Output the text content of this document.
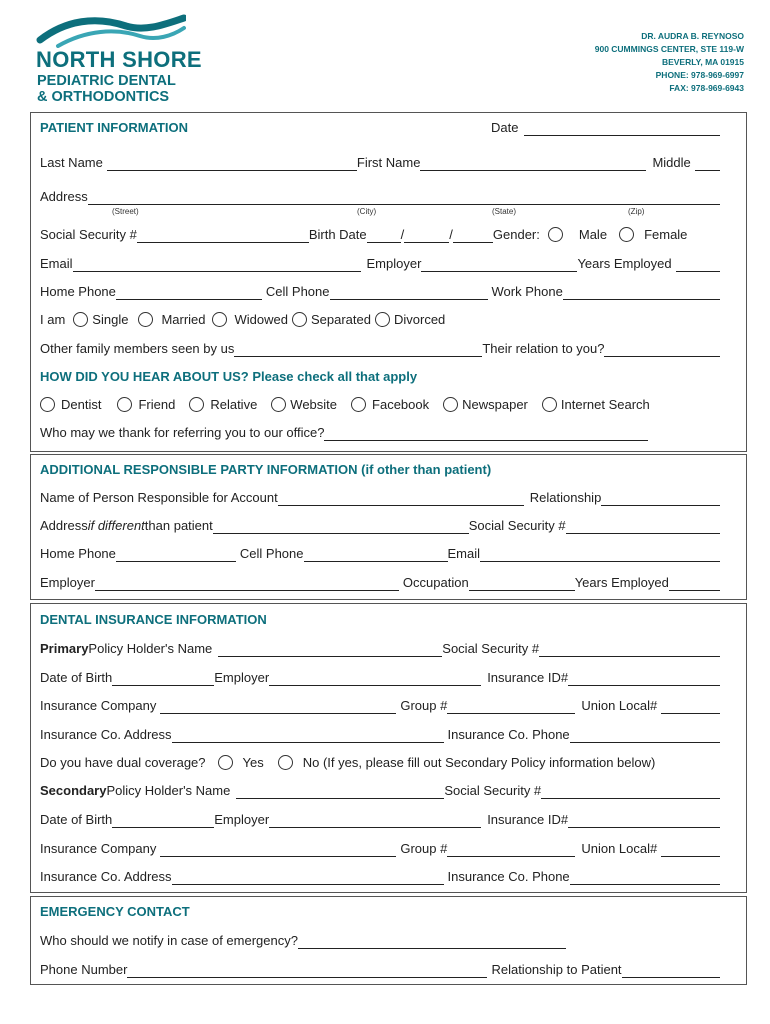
NORTH SHORE
PEDIATRIC DENTAL
& ORTHODONTICS
DR. AUDRA B. REYNOSO
900 CUMMINGS CENTER, STE 119-W
BEVERLY, MA 01915
PHONE: 978-969-6997
FAX: 978-969-6943
PATIENT INFORMATION	Date
Last Name	First Name	Middle
Address
(Street)	(City)	(State)	(Zip)
Social Security #	Birth Date	/	/	Gender:	Male	Female
Email	Employer	Years Employed
Home Phone	Cell Phone	Work Phone
I am Single	Married Widowed Separated Divorced
Other family members seen by us	Their relation to you?
HOW DID YOU HEAR ABOUT US? Please check all that apply
Dentist	Friend	Relative	Website	Facebook	Newspaper	Internet Search
Who may we thank for referring you to our office?
ADDITIONAL RESPONSIBLE PARTY INFORMATION (if other than patient)
Name of Person Responsible for Account	Relationship
Address if different than patient	Social Security #
Home Phone	Cell Phone	Email
Employer	Occupation	Years Employed
DENTAL INSURANCE INFORMATION
Primary Policy Holder's Name	Social Security #
Date of Birth	Employer	Insurance ID#
Insurance Company	Group #	Union Local#
Insurance Co. Address	Insurance Co. Phone
Do you have dual coverage?	Yes	No (If yes, please fill out Secondary Policy information below)
Secondary Policy Holder's Name	Social Security #
Date of Birth	Employer	Insurance ID#
Insurance Company	Group #	Union Local#
Insurance Co. Address	Insurance Co. Phone
EMERGENCY CONTACT
Who should we notify in case of emergency?
Phone Number	Relationship to Patient
